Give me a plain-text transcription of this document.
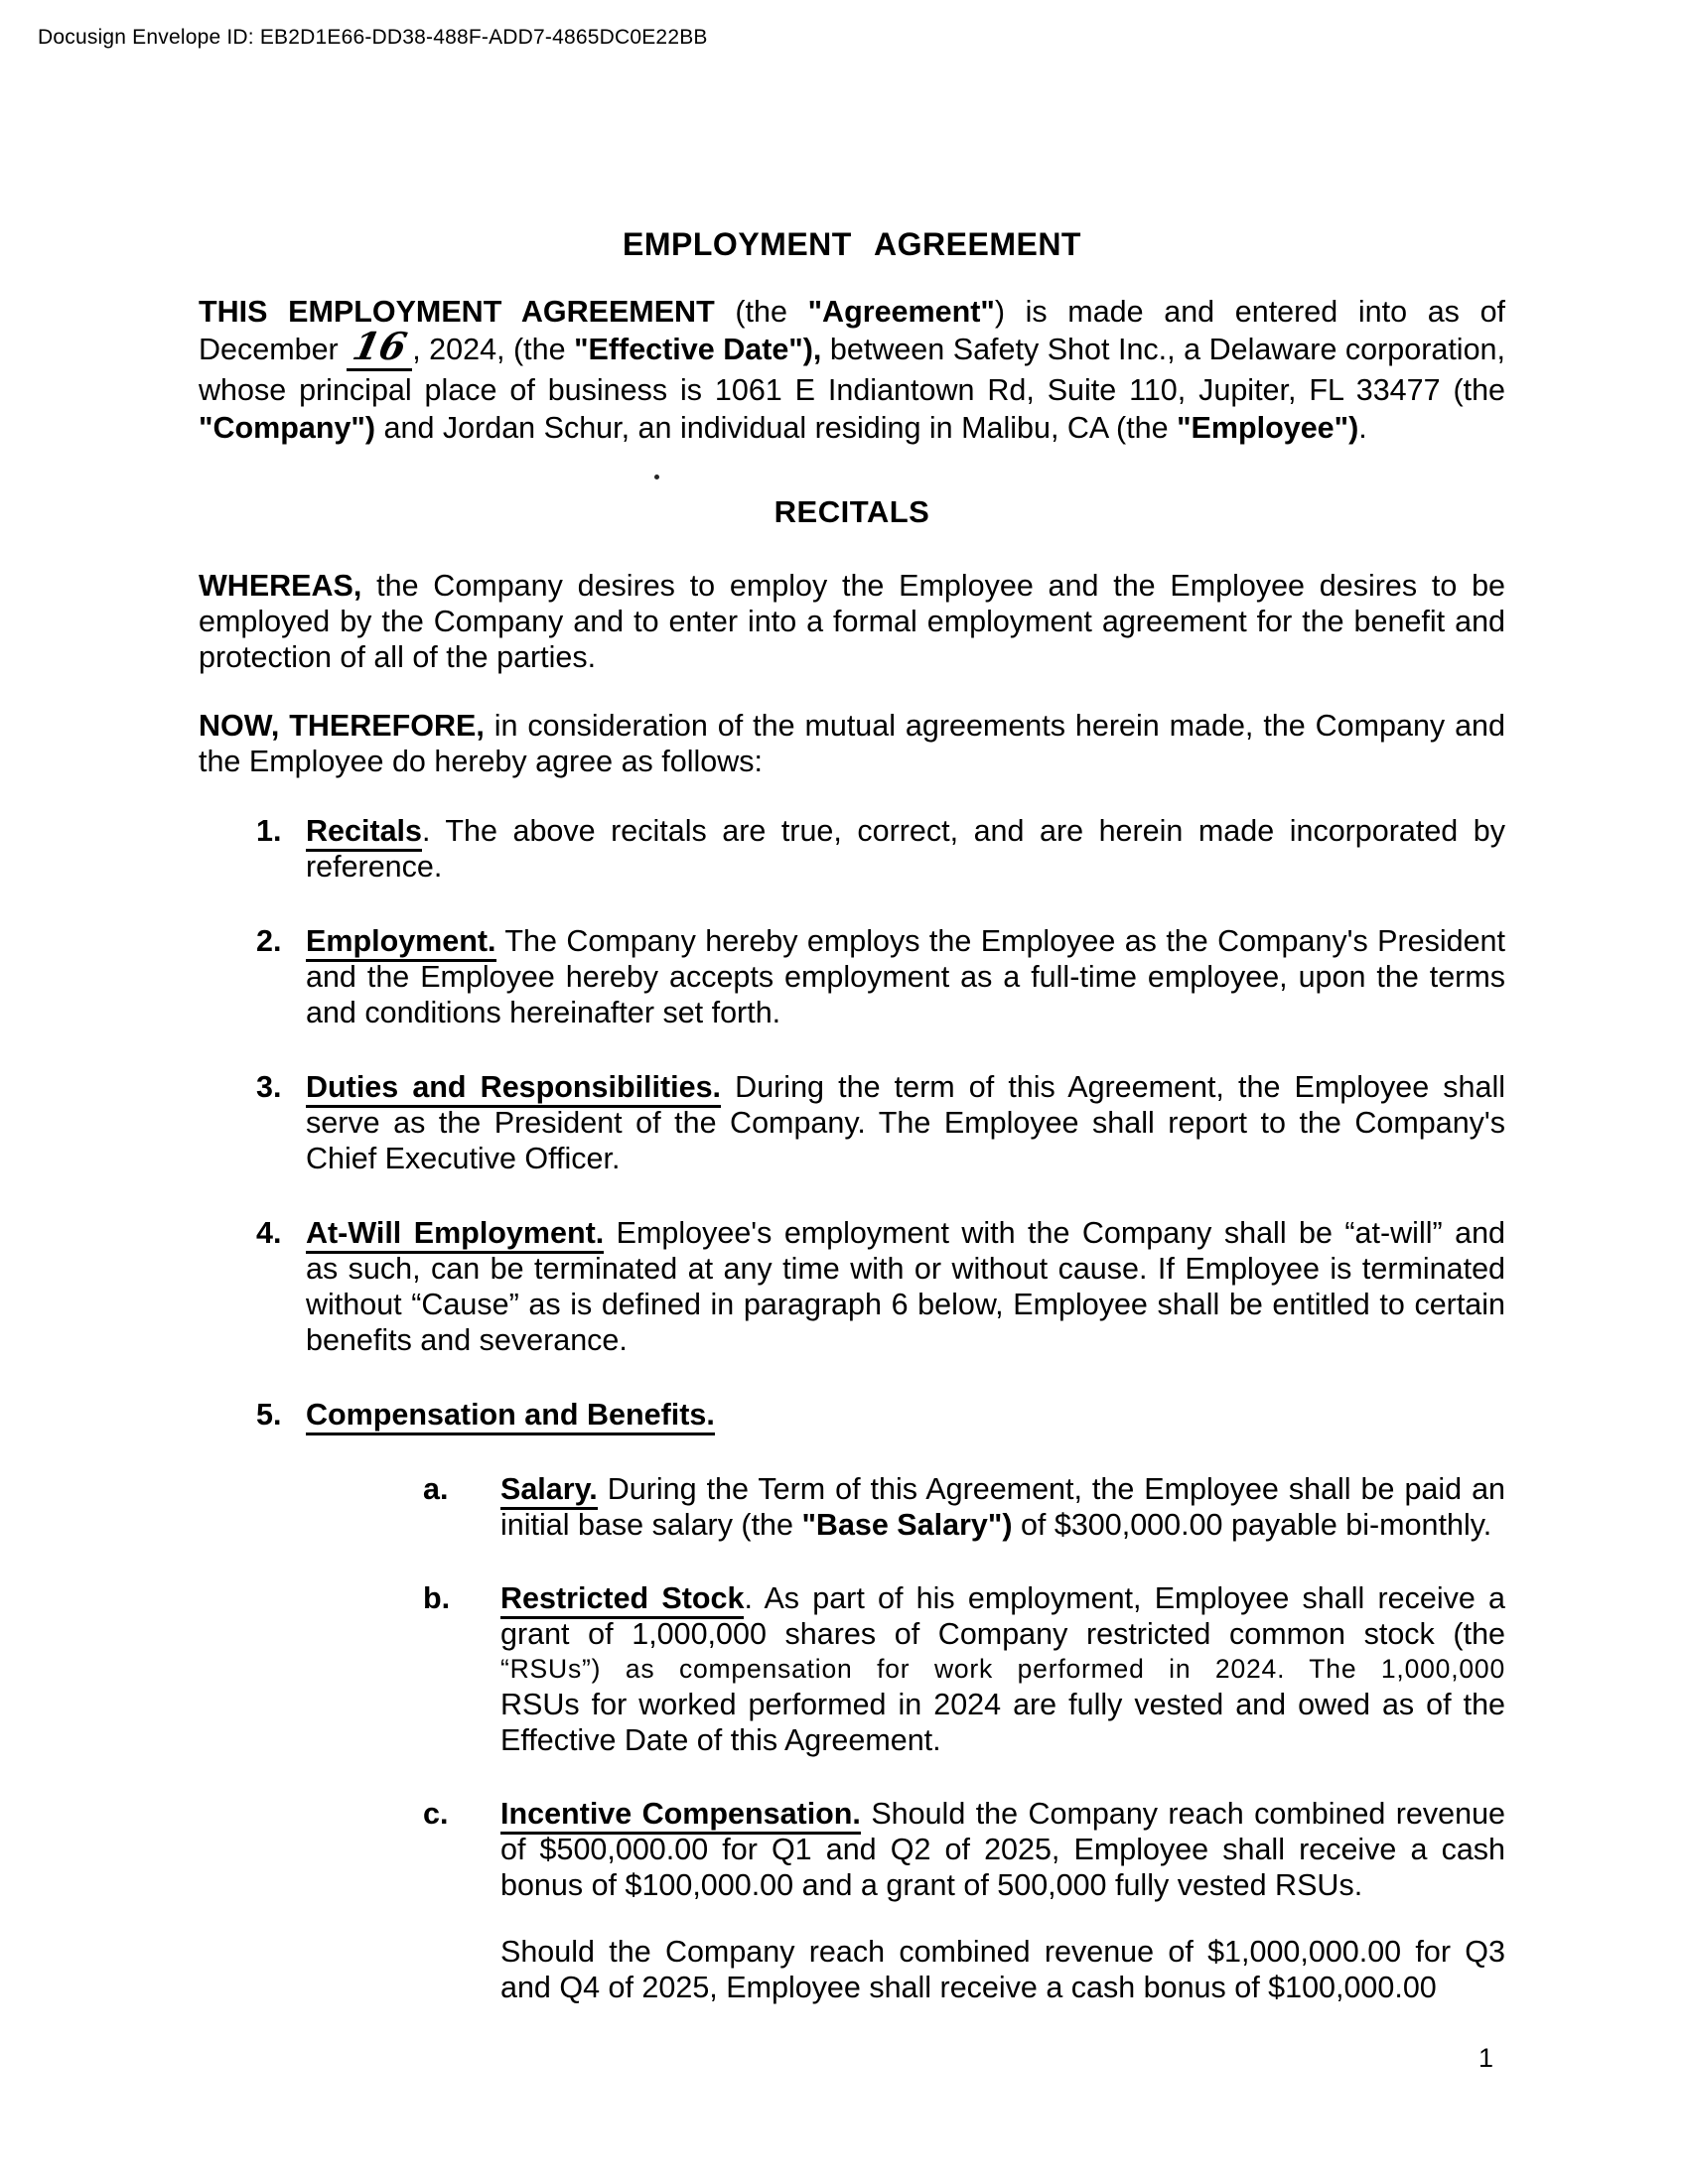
Docusign Envelope ID: EB2D1E66-DD38-488F-ADD7-4865DC0E22BB
EMPLOYMENT AGREEMENT

THIS EMPLOYMENT AGREEMENT (the "Agreement") is made and entered into as of December 16, 2024, (the "Effective Date"), between Safety Shot Inc., a Delaware corporation, whose principal place of business is 1061 E Indiantown Rd, Suite 110, Jupiter, FL 33477 (the "Company") and Jordan Schur, an individual residing in Malibu, CA (the "Employee").

RECITALS

WHEREAS, the Company desires to employ the Employee and the Employee desires to be employed by the Company and to enter into a formal employment agreement for the benefit and protection of all of the parties.

NOW, THEREFORE, in consideration of the mutual agreements herein made, the Company and the Employee do hereby agree as follows:

1. Recitals. The above recitals are true, correct, and are herein made incorporated by reference.
2. Employment. The Company hereby employs the Employee as the Company's President and the Employee hereby accepts employment as a full-time employee, upon the terms and conditions hereinafter set forth.
3. Duties and Responsibilities. During the term of this Agreement, the Employee shall serve as the President of the Company. The Employee shall report to the Company's Chief Executive Officer.
4. At-Will Employment. Employee's employment with the Company shall be “at-will” and as such, can be terminated at any time with or without cause. If Employee is terminated without “Cause” as is defined in paragraph 6 below, Employee shall be entitled to certain benefits and severance.
5. Compensation and Benefits.
a.	Salary. During the Term of this Agreement, the Employee shall be paid an initial base salary (the "Base Salary") of $300,000.00 payable bi-monthly.

b.	Restricted Stock. As part of his employment, Employee shall receive a grant of 1,000,000 shares of Company restricted common stock (the

“RSUs”) as compensation for work performed in 2024. The 1,000,000

RSUs for worked performed in 2024 are fully vested and owed as of the Effective Date of this Agreement.

c.	Incentive Compensation. Should the Company reach combined revenue of $500,000.00 for Q1 and Q2 of 2025, Employee shall receive a cash bonus of $100,000.00 and a grant of 500,000 fully vested RSUs.

Should the Company reach combined revenue of $1,000,000.00 for Q3 and Q4 of 2025, Employee shall receive a cash bonus of $100,000.00

1
